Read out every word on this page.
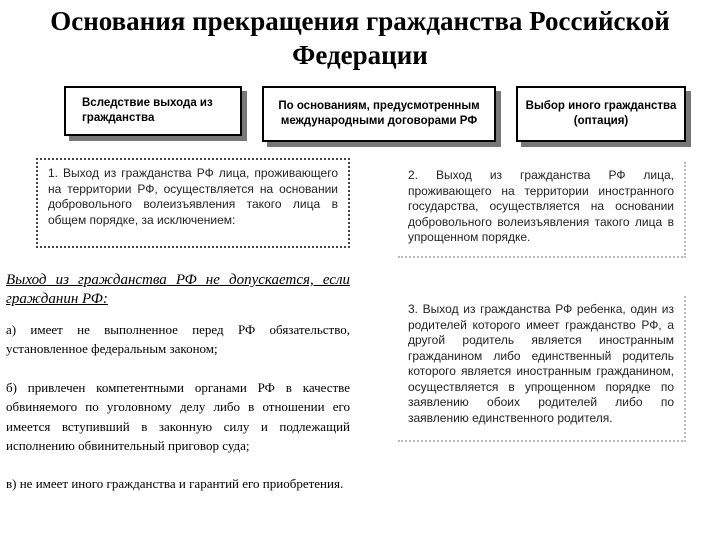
Основания прекращения гражданства Российской Федерации
Вследствие выхода из гражданства
По основаниям, предусмотренным международными договорами РФ
Выбор иного гражданства (оптация)
1. Выход из гражданства РФ лица, проживающего на территории РФ, осуществляется на основании добровольного волеизъявления такого лица в общем порядке, за исключением:
2. Выход из гражданства РФ лица, проживающего на территории иностранного государства, осуществляется на основании добровольного волеизъявления такого лица в упрощенном порядке.
3. Выход из гражданства РФ ребенка, один из родителей которого имеет гражданство РФ, а другой родитель является иностранным гражданином либо единственный родитель которого является иностранным гражданином, осуществляется в упрощенном порядке по заявлению обоих родителей либо по заявлению единственного родителя.
Выход из гражданства РФ не допускается, если гражданин РФ:
а) имеет не выполненное перед РФ обязательство, установленное федеральным законом;
б) привлечен компетентными органами РФ в качестве обвиняемого по уголовному делу либо в отношении его имеется вступивший в законную силу и подлежащий исполнению обвинительный приговор суда;
в) не имеет иного гражданства и гарантий его приобретения.
